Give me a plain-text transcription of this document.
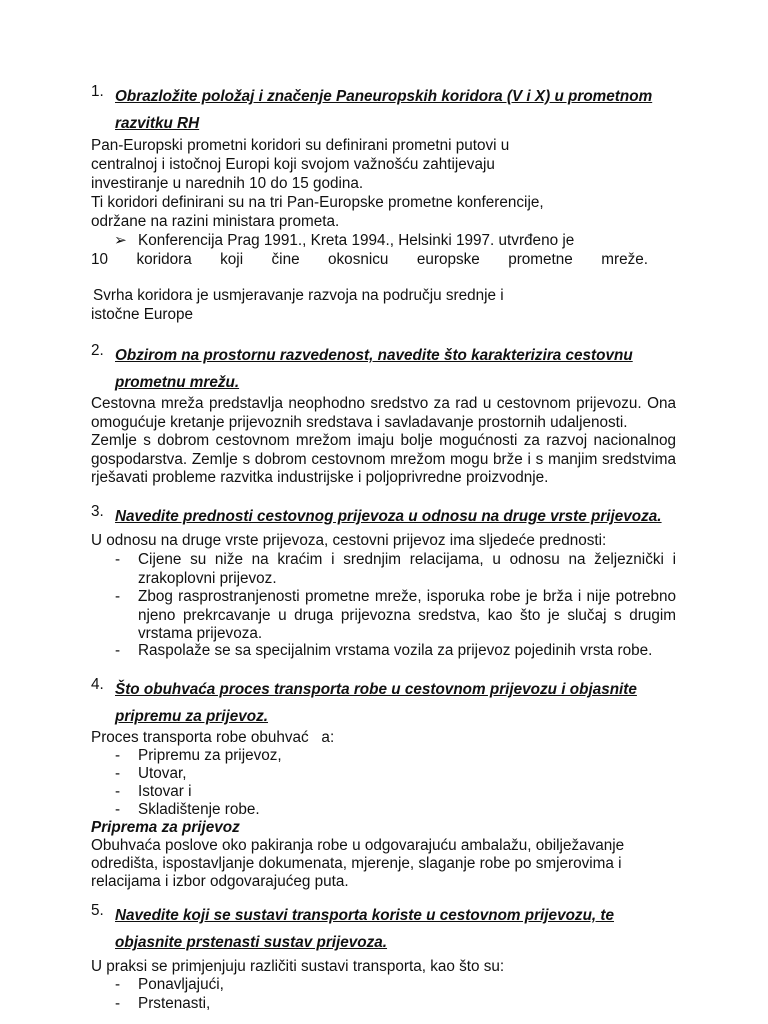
1. Obrazložite položaj i značenje Paneuropskih koridora (V i X) u prometnom razvitku RH
Pan-Europski prometni koridori su definirani prometni putovi u
centralnoj i istočnoj Europi koji svojom važnošću zahtijevaju
investiranje u narednih 10 do 15 godina.
Ti koridori definirani su na tri Pan-Europske prometne konferencije,
održane na razini ministara prometa.
➢ Konferencija Prag 1991., Kreta 1994., Helsinki 1997. utvrđeno je
10 koridora koji čine okosnicu europske prometne mreže.
Svrha koridora je usmjeravanje razvoja na području srednje i
istočne Europe
2. Obzirom na prostornu razvedenost, navedite što karakterizira cestovnu prometnu mrežu.
Cestovna mreža predstavlja neophodno sredstvo za rad u cestovnom prijevozu. Ona omogućuje kretanje prijevoznih sredstava i savladavanje prostornih udaljenosti.
Zemlje s dobrom cestovnom mrežom imaju bolje mogućnosti za razvoj nacionalnog gospodarstva. Zemlje s dobrom cestovnom mrežom mogu brže i s manjim sredstvima rješavati probleme razvitka industrijske i poljoprivredne proizvodnje.
3. Navedite prednosti cestovnog prijevoza u odnosu na druge vrste prijevoza.
U odnosu na druge vrste prijevoza, cestovni prijevoz ima sljedeće prednosti:
- Cijene su niže na kraćim i srednjim relacijama, u odnosu na željeznički i zrakoplovni prijevoz.
- Zbog rasprostranjenosti prometne mreže, isporuka robe je brža i nije potrebno njeno prekrcavanje u druga prijevozna sredstva, kao što je slučaj s drugim vrstama prijevoza.
- Raspolaže se sa specijalnim vrstama vozila za prijevoz pojedinih vrsta robe.
4. Što obuhvaća proces transporta robe u cestovnom prijevozu i objasnite pripremu za prijevoz.
Proces transporta robe obuhvać   a:
- Pripremu za prijevoz,
- Utovar,
- Istovar i
- Skladištenje robe.
Priprema za prijevoz
Obuhvaća poslove oko pakiranja robe u odgovarajuću ambalažu, obilježavanje
odredišta, ispostavljanje dokumenata, mjerenje, slaganje robe po smjerovima i
relacijama i izbor odgovarajućeg puta.
5. Navedite koji se sustavi transporta koriste u cestovnom prijevozu, te objasnite prstenasti sustav prijevoza.
U praksi se primjenjuju različiti sustavi transporta, kao što su:
- Ponavljajući,
- Prstenasti,
